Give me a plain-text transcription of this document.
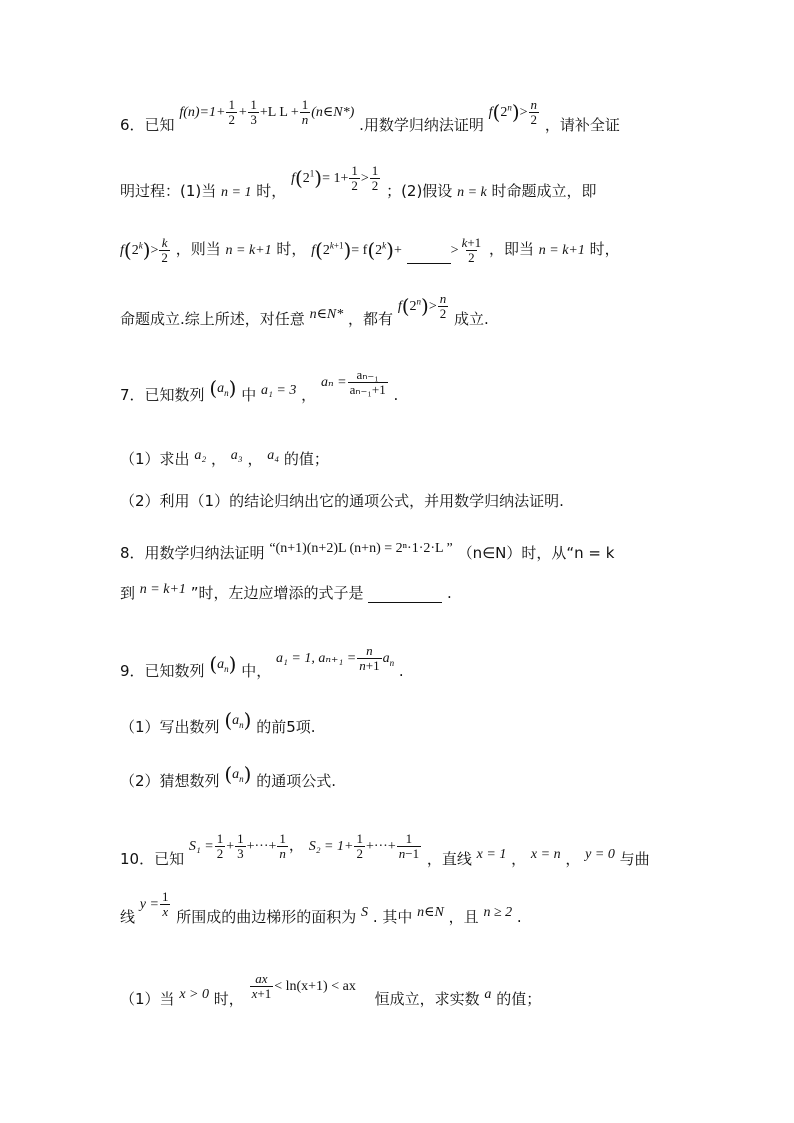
6．已知 $f(n)=1+ \frac{1}{2} + \frac{1}{3} +L$ $L + \frac{1}{n}$ (n∈N*) .用数学归纳法证明 $f(2^n)> \frac{n}{2}$ ，请补全证
明过程：(1)当 n = 1 时， $f(2^1)= 1+ \frac{1}{2} > \frac{1}{2}$ ；(2)假设 n = k 时命题成立，即
$f(2^k)> \frac{k}{2}$ ，则当 n = k+1 时， $f(2^{k+1})= f(2^k)+$	> $\frac{k+1}{2}$ ，即当 n = k+1 时，
命题成立.综上所述，对任意 n∈N* ，都有 $f(2^n)> \frac{n}{2}$ 成立.
7．已知数列 $(a_n)$ 中 a₁ = 3 ， $a_n = \frac{\text{aₙ₋₁}}{\text{aₙ₋₁+1}}$ .
（1）求出 a₂ ， a₃ ， a₄ 的值；
（2）利用（1）的结论归纳出它的通项公式，并用数学归纳法证明.
8．用数学归纳法证明 “(n+1)(n+2)L (n+n) = 2ⁿ·1·2·L ” （n∈N）时，从“n = k
到 n = k+1 ”时，左边应增添的式子是	.
9．已知数列 $(a_n)$ 中， a₁ = 1, $a_{n+1} = \frac{n}{n+1} a_n$ .
（1）写出数列 $(a_n)$ 的前5项.
（2）猜想数列 $(a_n)$ 的通项公式.
10．已知 $S_1 = \frac{1}{2} + \frac{1}{3}$ +···+ $\frac{1}{n}$ ， $S_2 = 1+ \frac{1}{2}$ +···+ $\frac{1}{n-1}$ ，直线 x = 1 ， x = n ， y = 0 与曲
线 $y = \frac{1}{x}$ 所围成的曲边梯形的面积为 S . 其中 n∈N ，且 n ≥ 2 .
（1）当 x > 0 时， $\frac{ax}{x+1} < \ln(x+1)$ < ax 恒成立，求实数 a 的值；
